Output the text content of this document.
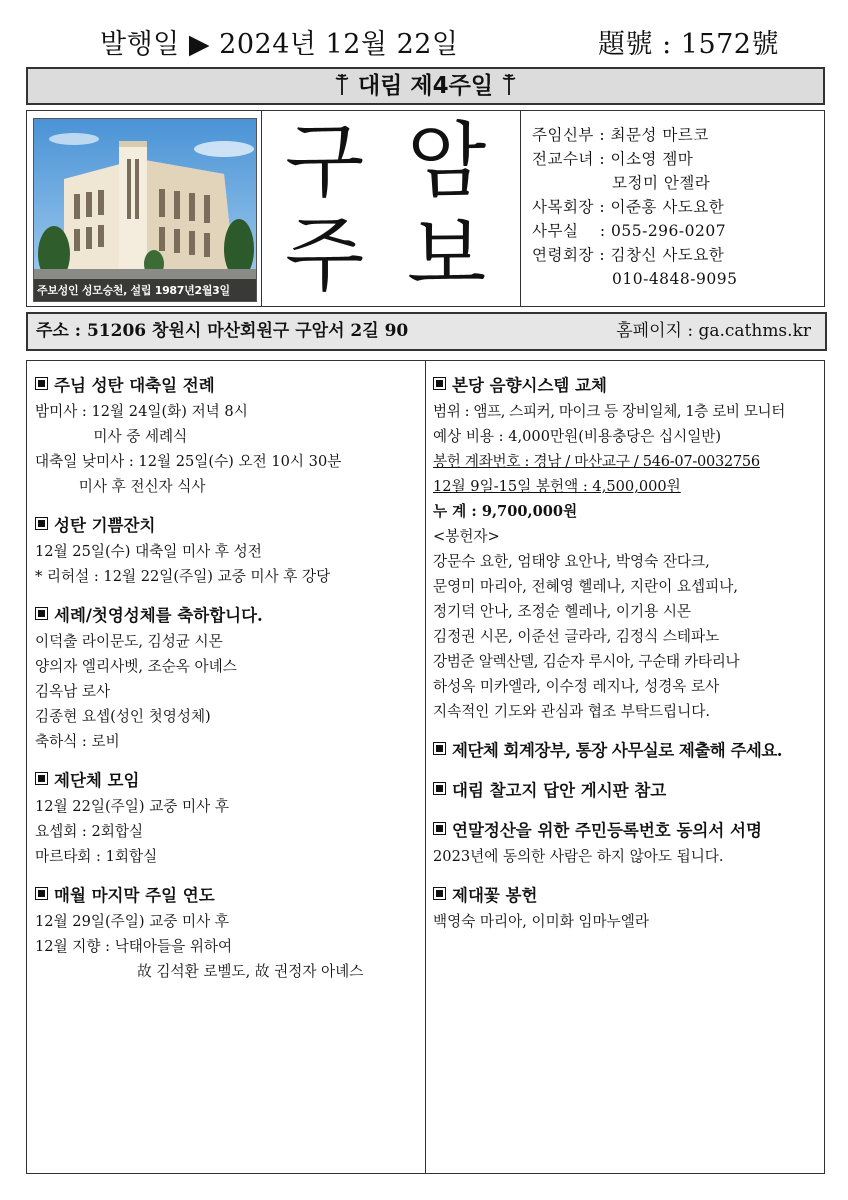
발행일 ▶ 2024년 12월 22일	題號 : 1572號
대림 제4주일
주보성인 성모승천, 설립 1987년2월3일
구 암
주 보
주임신부 : 최문성 마르코
전교수녀 : 이소영 젬마
　　　　　모정미 안젤라
사목회장 : 이준홍 사도요한
사무실　 : 055-296-0207
연령회장 : 김창신 사도요한
　　　　　010-4848-9095
주소 : 51206 창원시 마산회원구 구암서 2길 90	홈페이지 : ga.cathms.kr
주님 성탄 대축일 전례
밤미사 : 12월 24일(화) 저녁 8시
　　　　미사 중 세례식
대축일 낮미사 : 12월 25일(수) 오전 10시 30분
　　　미사 후 전신자 식사
성탄 기쁨잔치
12월 25일(수) 대축일 미사 후 성전
* 리허설 : 12월 22일(주일) 교중 미사 후 강당
세례/첫영성체를 축하합니다.
이덕출 라이문도, 김성균 시몬
양의자 엘리사벳, 조순옥 아녜스
김옥남 로사
김종현 요셉(성인 첫영성체)
축하식 : 로비
제단체 모임
12월 22일(주일) 교중 미사 후
요셉회 : 2회합실
마르타회 : 1회합실
매월 마지막 주일 연도
12월 29일(주일) 교중 미사 후
12월 지향 : 낙태아들을 위하여
　　　　　　　故 김석환 로벨도, 故 권정자 아녜스
본당 음향시스템 교체
범위 : 앰프, 스피커, 마이크 등 장비일체, 1층 로비 모니터
예상 비용 : 4,000만원(비용충당은 십시일반)
봉헌 계좌번호 : 경남 / 마산교구 / 546-07-0032756
12월 9일-15일 봉헌액 : 4,500,000원
누 계 : 9,700,000원
<봉헌자>
강문수 요한, 엄태양 요안나, 박영숙 잔다크,
문영미 마리아, 전혜영 헬레나, 지란이 요셉피나,
정기덕 안나, 조정순 헬레나, 이기용 시몬
김정권 시몬, 이준선 글라라, 김정식 스테파노
강범준 알렉산델, 김순자 루시아, 구순태 카타리나
하성옥 미카엘라, 이수정 레지나, 성경옥 로사
지속적인 기도와 관심과 협조 부탁드립니다.
제단체 회계장부, 통장 사무실로 제출해 주세요.
대림 찰고지 답안 게시판 참고
연말정산을 위한 주민등록번호 동의서 서명
2023년에 동의한 사람은 하지 않아도 됩니다.
제대꽃 봉헌
백영숙 마리아, 이미화 임마누엘라
